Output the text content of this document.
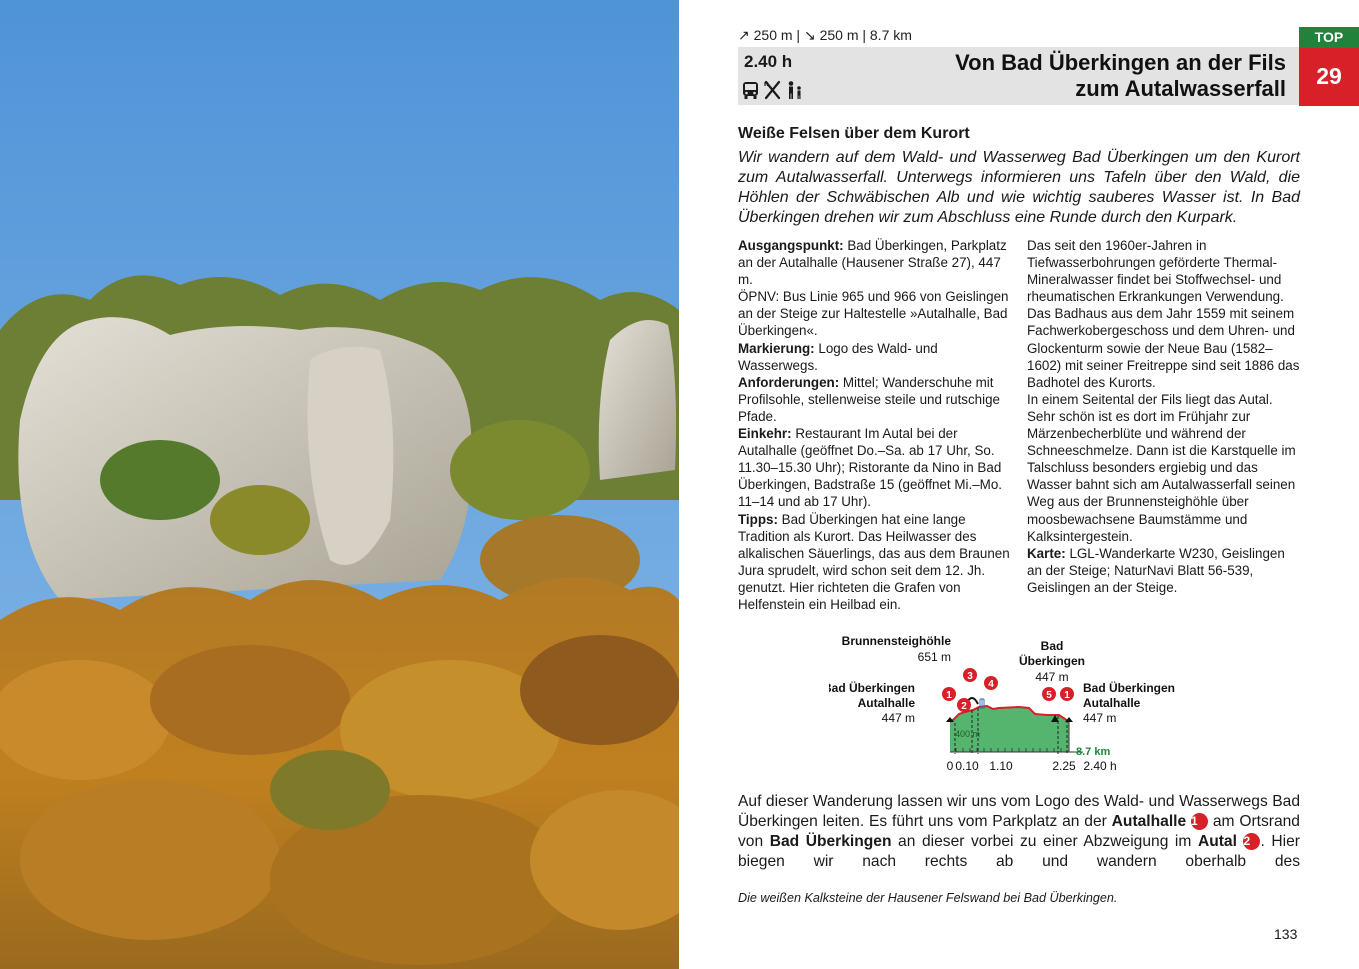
↗ 250 m | ↘ 250 m | 8.7 km
2.40 h	Von Bad Überkingen an der Fils
zum Autalwasserfall
TOP
29
Weiße Felsen über dem Kurort
Wir wandern auf dem Wald- und Wasserweg Bad Überkingen um den Kurort zum Autalwasserfall. Unterwegs informieren uns Tafeln über den Wald, die Höhlen der Schwäbischen Alb und wie wichtig sauberes Wasser ist. In Bad Überkingen drehen wir zum Abschluss eine Runde durch den Kurpark.

Ausgangspunkt: Bad Überkingen, Parkplatz an der Autalhalle (Hausener Straße 27), 447 m.

ÖPNV: Bus Linie 965 und 966 von Geislingen an der Steige zur Haltestelle »Autalhalle, Bad Überkingen«.

Markierung: Logo des Wald- und Wasserwegs.

Anforderungen: Mittel; Wanderschuhe mit Profilsohle, stellenweise steile und rutschige Pfade.

Einkehr: Restaurant Im Autal bei der Autalhalle (geöffnet Do.–Sa. ab 17 Uhr, So. 11.30–15.30 Uhr); Ristorante da Nino in Bad Überkingen, Badstraße 15 (geöffnet Mi.–Mo. 11–14 und ab 17 Uhr).

Tipps: Bad Überkingen hat eine lange Tradition als Kurort. Das Heilwasser des alkalischen Säuerlings, das aus dem Braunen Jura sprudelt, wird schon seit dem 12. Jh. genutzt. Hier richteten die Grafen von Helfenstein ein Heilbad ein.

Das seit den 1960er-Jahren in Tiefwasserbohrungen geförderte Thermal-Mineralwasser findet bei Stoffwechsel- und rheumatischen Erkrankungen Verwendung. Das Badhaus aus dem Jahr 1559 mit seinem Fachwerkobergeschoss und dem Uhren- und Glockenturm sowie der Neue Bau (1582–1602) mit seiner Freitreppe sind seit 1886 das Badhotel des Kurorts.

In einem Seitental der Fils liegt das Autal. Sehr schön ist es dort im Frühjahr zur Märzenbecherblüte und während der Schneeschmelze. Dann ist die Karstquelle im Talschluss besonders ergiebig und das Wasser bahnt sich am Autalwasserfall seinen Weg aus der Brunnensteighöhle über moosbewachsene Baumstämme und Kalksintergestein.

Karte: LGL-Wanderkarte W230, Geislingen an der Steige; NaturNavi Blatt 56-539, Geislingen an der Steige.

1
2
3
4
5 1
Bad Überkingen
Autalhalle
Brunnensteighöhle	Bad
Überkingen
Bad Überkingen
Autalhalle
447 m
651 m
447 m
447 m
400 m
8.7 km
0 0.10 1.10	2.25 2.40 h
Auf dieser Wanderung lassen wir uns vom Logo des Wald- und Wasserwegs Bad Überkingen leiten. Es führt uns vom Parkplatz an der Autalhalle 1 am Ortsrand von Bad Überkingen an dieser vorbei zu einer Abzweigung im Autal 2 . Hier biegen wir nach rechts ab und wandern oberhalb des
Die weißen Kalksteine der Hausener Felswand bei Bad Überkingen.
133
